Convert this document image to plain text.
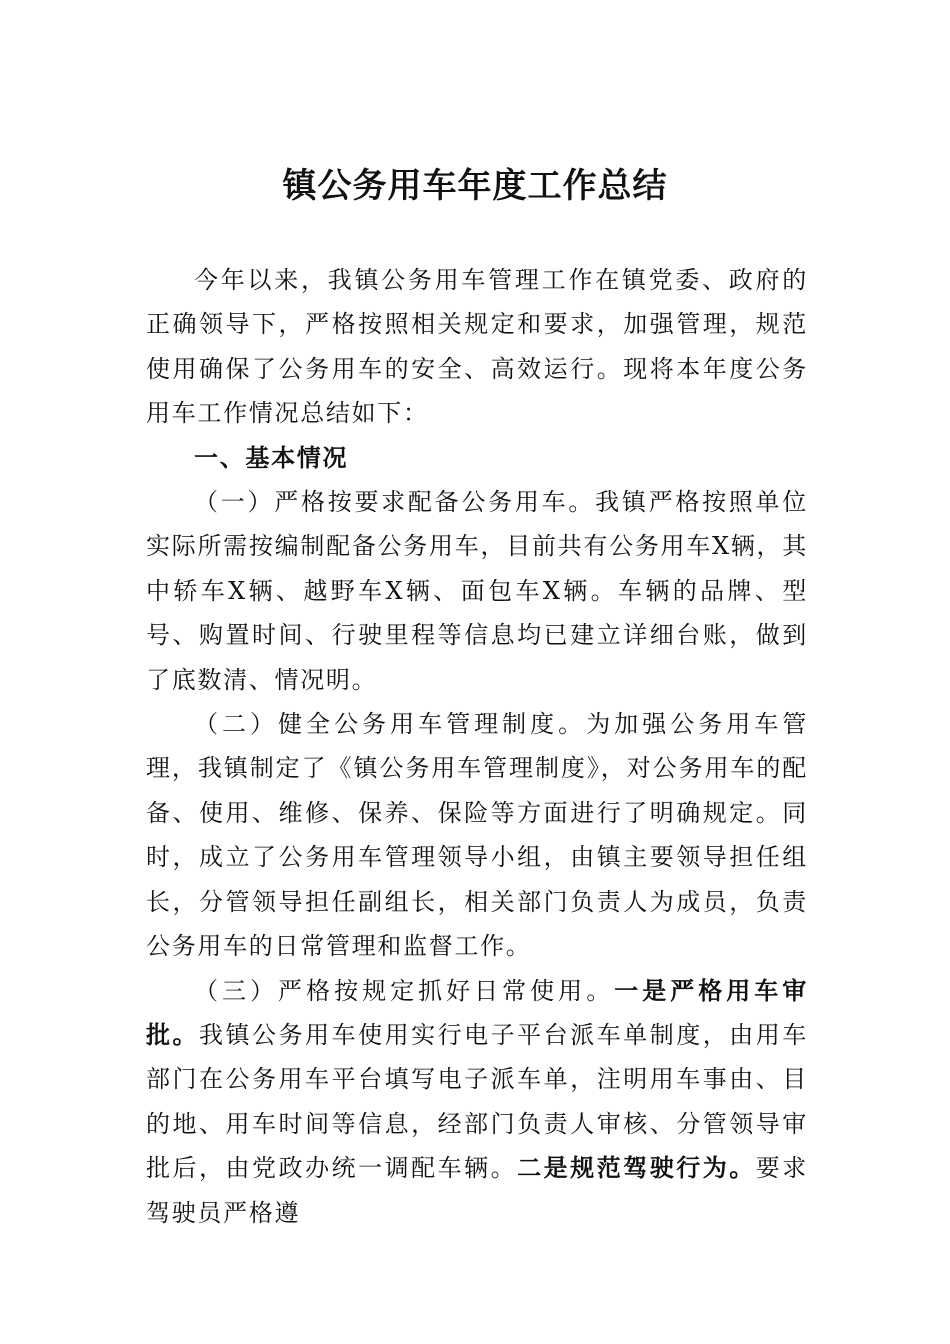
镇公务用车年度工作总结

今年以来，我镇公务用车管理工作在镇党委、政府的正确领导下，严格按照相关规定和要求，加强管理，规范使用确保了公务用车的安全、高效运行。现将本年度公务用车工作情况总结如下：

一、基本情况

（一）严格按要求配备公务用车。我镇严格按照单位实际所需按编制配备公务用车，目前共有公务用车X辆，其中轿车X辆、越野车X辆、面包车X辆。车辆的品牌、型号、购置时间、行驶里程等信息均已建立详细台账，做到了底数清、情况明。

（二）健全公务用车管理制度。为加强公务用车管理，我镇制定了《镇公务用车管理制度》，对公务用车的配备、使用、维修、保养、保险等方面进行了明确规定。同时，成立了公务用车管理领导小组，由镇主要领导担任组长，分管领导担任副组长，相关部门负责人为成员，负责公务用车的日常管理和监督工作。

（三）严格按规定抓好日常使用。一是严格用车审批。我镇公务用车使用实行电子平台派车单制度，由用车部门在公务用车平台填写电子派车单，注明用车事由、目的地、用车时间等信息，经部门负责人审核、分管领导审批后，由党政办统一调配车辆。二是规范驾驶行为。要求驾驶员严格遵
